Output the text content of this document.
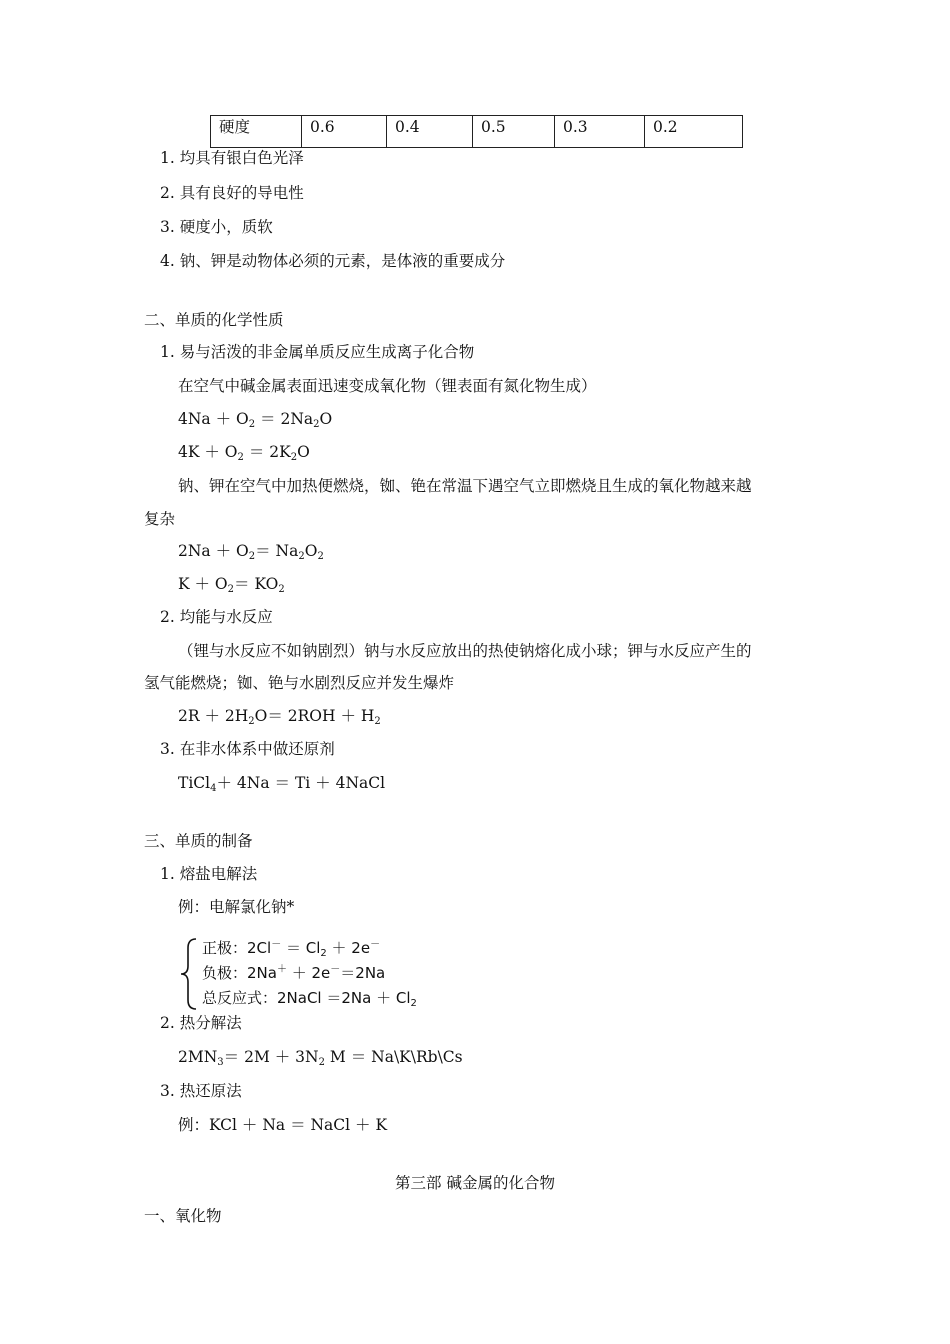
硬度	0.6	0.4	0.5	0.3	0.2
1. 均具有银白色光泽
2. 具有良好的导电性
3. 硬度小，质软
4. 钠、钾是动物体必须的元素，是体液的重要成分
二、单质的化学性质
1. 易与活泼的非金属单质反应生成离子化合物
在空气中碱金属表面迅速变成氧化物（锂表面有氮化物生成）
$4Na + O_2 = 2Na_2O$
$4K + O_2 = 2K_2O$
钠、钾在空气中加热便燃烧，铷、铯在常温下遇空气立即燃烧且生成的氧化物越来越
复杂
$2Na + O_2= Na_2O_2$
$K + O_2= KO_2$
2. 均能与水反应
（锂与水反应不如钠剧烈）钠与水反应放出的热使钠熔化成小球；钾与水反应产生的
氢气能燃烧；铷、铯与水剧烈反应并发生爆炸
$2R + 2H_2O= 2ROH + H_2$
3. 在非水体系中做还原剂
TiCl$_4$＋ 4Na ＝ Ti ＋ 4NaCl
三、单质的制备
1. 熔盐电解法
例：电解氯化钠*
正极：$2Cl^- = Cl_2 + 2e^-$
负极：2Na＋ ＋ 2e－＝2Na
总反应式：2NaCl $=2Na + Cl_2$
2. 热分解法
$2MN_3= 2M + 3N_2$ M ＝ Na\K\Rb\Cs
3. 热还原法
例：KCl ＋ Na ＝ NaCl ＋ K
第三部 碱金属的化合物
一、氧化物
